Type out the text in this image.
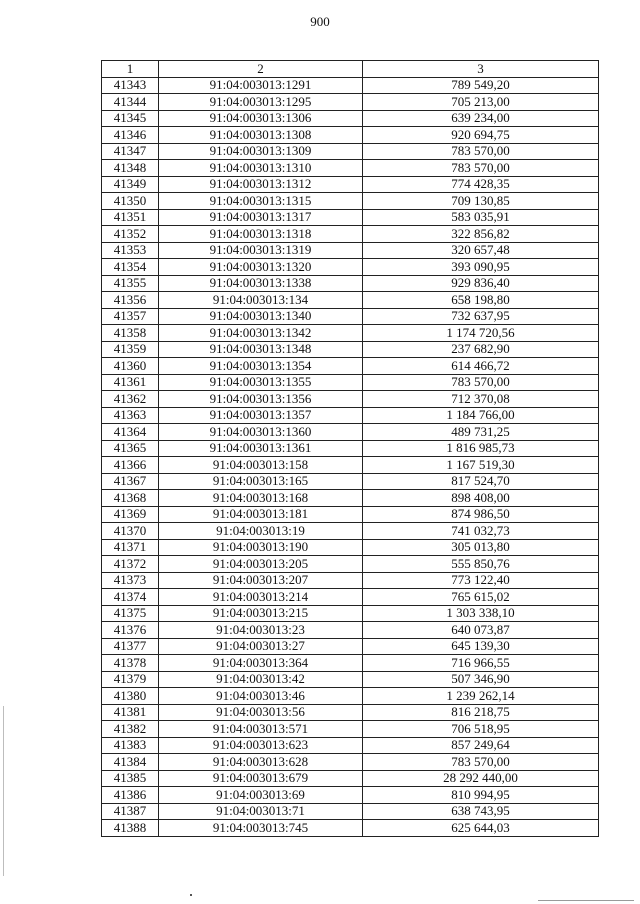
900
1	2	3
41343	91:04:003013:1291	789 549,20
41344	91:04:003013:1295	705 213,00
41345	91:04:003013:1306	639 234,00
41346	91:04:003013:1308	920 694,75
41347	91:04:003013:1309	783 570,00
41348	91:04:003013:1310	783 570,00
41349	91:04:003013:1312	774 428,35
41350	91:04:003013:1315	709 130,85
41351	91:04:003013:1317	583 035,91
41352	91:04:003013:1318	322 856,82
41353	91:04:003013:1319	320 657,48
41354	91:04:003013:1320	393 090,95
41355	91:04:003013:1338	929 836,40
41356	91:04:003013:134	658 198,80
41357	91:04:003013:1340	732 637,95
41358	91:04:003013:1342	1 174 720,56
41359	91:04:003013:1348	237 682,90
41360	91:04:003013:1354	614 466,72
41361	91:04:003013:1355	783 570,00
41362	91:04:003013:1356	712 370,08
41363	91:04:003013:1357	1 184 766,00
41364	91:04:003013:1360	489 731,25
41365	91:04:003013:1361	1 816 985,73
41366	91:04:003013:158	1 167 519,30
41367	91:04:003013:165	817 524,70
41368	91:04:003013:168	898 408,00
41369	91:04:003013:181	874 986,50
41370	91:04:003013:19	741 032,73
41371	91:04:003013:190	305 013,80
41372	91:04:003013:205	555 850,76
41373	91:04:003013:207	773 122,40
41374	91:04:003013:214	765 615,02
41375	91:04:003013:215	1 303 338,10
41376	91:04:003013:23	640 073,87
41377	91:04:003013:27	645 139,30
41378	91:04:003013:364	716 966,55
41379	91:04:003013:42	507 346,90
41380	91:04:003013:46	1 239 262,14
41381	91:04:003013:56	816 218,75
41382	91:04:003013:571	706 518,95
41383	91:04:003013:623	857 249,64
41384	91:04:003013:628	783 570,00
41385	91:04:003013:679	28 292 440,00
41386	91:04:003013:69	810 994,95
41387	91:04:003013:71	638 743,95
41388	91:04:003013:745	625 644,03
